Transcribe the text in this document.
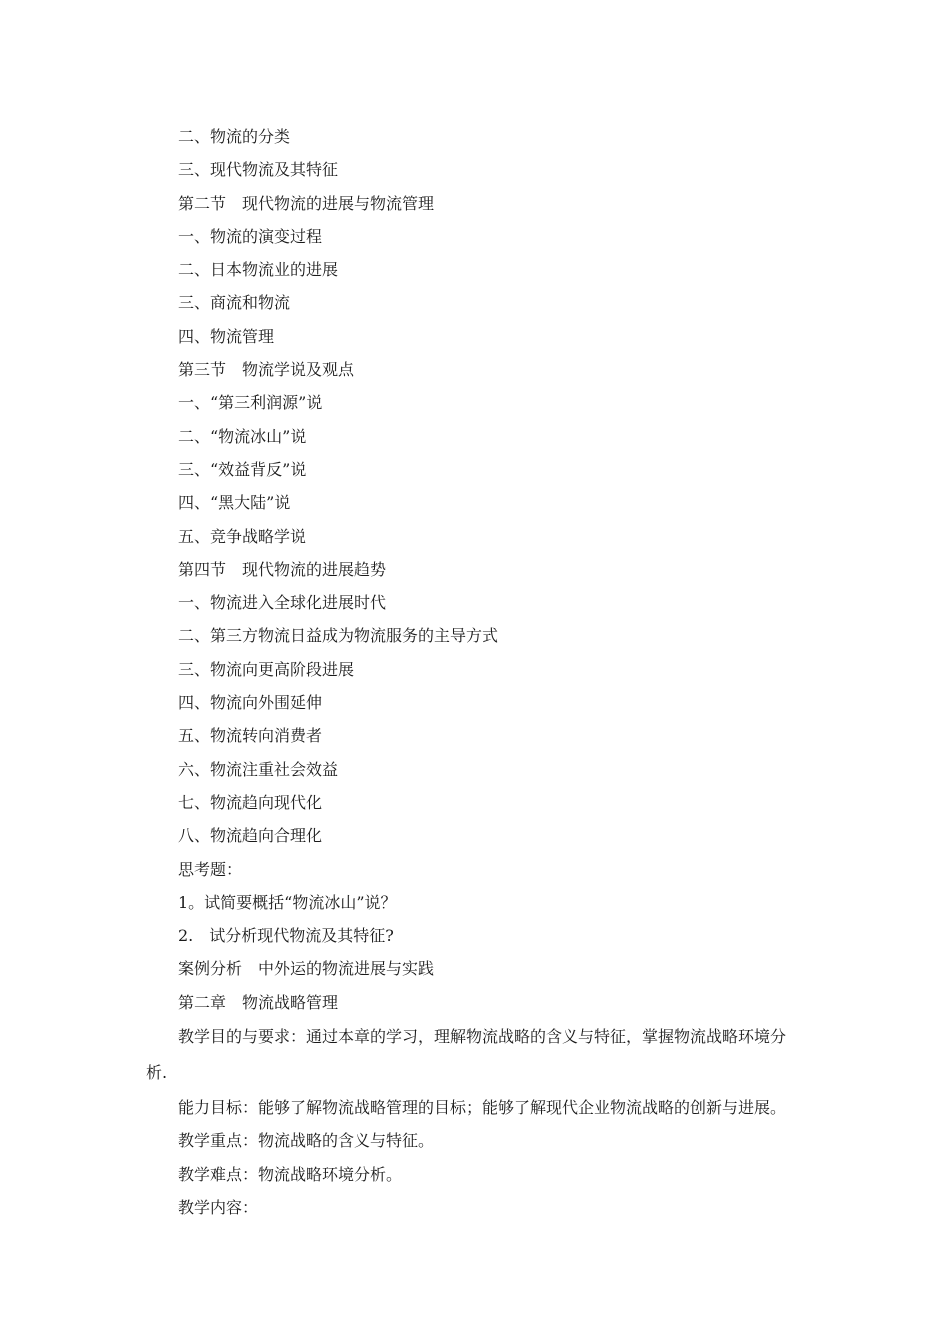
二、物流的分类
三、现代物流及其特征
第二节　现代物流的进展与物流管理
一、物流的演变过程
二、日本物流业的进展
三、商流和物流
四、物流管理
第三节　物流学说及观点
一、“第三利润源”说
二、“物流冰山”说
三、“效益背反”说
四、“黑大陆”说
五、竞争战略学说
第四节　现代物流的进展趋势
一、物流进入全球化进展时代
二、第三方物流日益成为物流服务的主导方式
三、物流向更高阶段进展
四、物流向外围延伸
五、物流转向消费者
六、物流注重社会效益
七、物流趋向现代化
八、物流趋向合理化
思考题：
1。试简要概括“物流冰山”说？
2.　试分析现代物流及其特征?
案例分析　中外运的物流进展与实践
第二章　物流战略管理
教学目的与要求：通过本章的学习，理解物流战略的含义与特征，掌握物流战略环境分析.
能力目标：能够了解物流战略管理的目标；能够了解现代企业物流战略的创新与进展。
教学重点：物流战略的含义与特征。
教学难点：物流战略环境分析。
教学内容：
